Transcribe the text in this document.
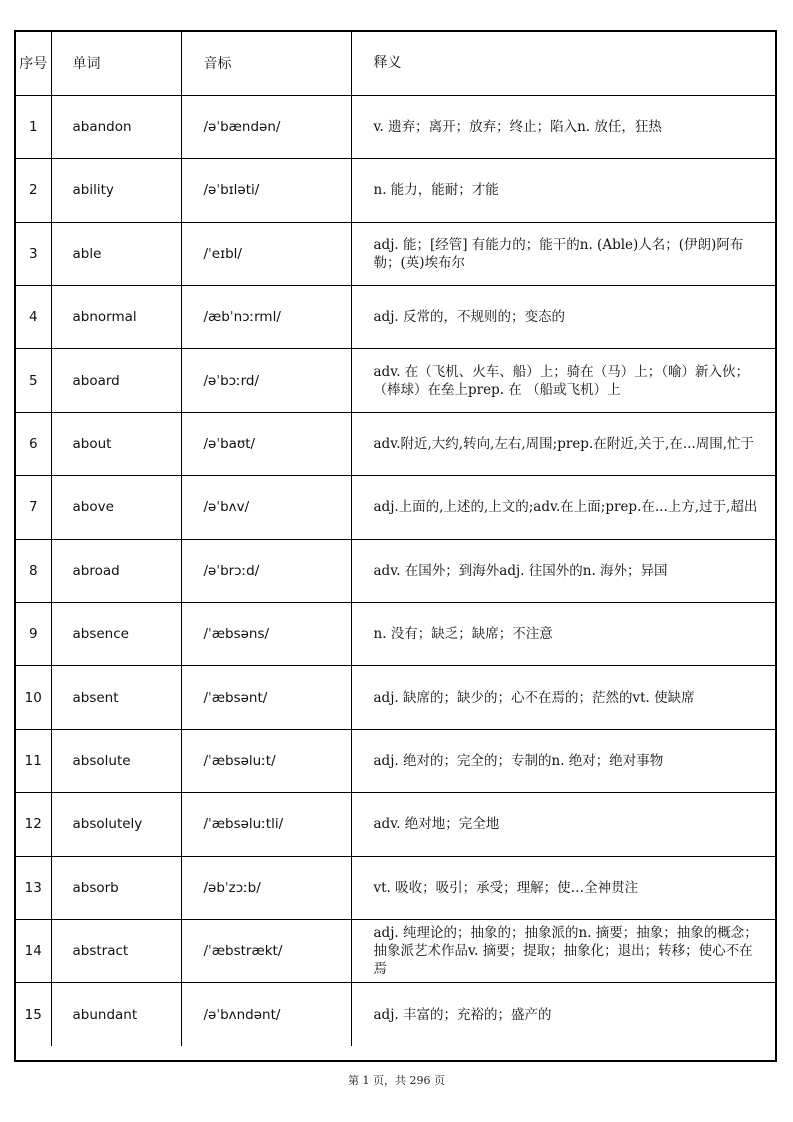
序号	单词	音标	释义
1	abandon	/əˈbændən/	v. 遗弃；离开；放弃；终止；陷入n. 放任，狂热
2	ability	/əˈbɪləti/	n. 能力，能耐；才能
3	able	/ˈeɪbl/	adj. 能；[经管] 有能力的；能干的n. (Able)人名；(伊朗)阿布勒；(英)埃布尔
4	abnormal	/æbˈnɔːrml/	adj. 反常的，不规则的；变态的
5	aboard	/əˈbɔːrd/	adv. 在（飞机、火车、船）上；骑在（马）上；（喻）新入伙；（棒球）在垒上prep. 在 （船或飞机）上
6	about	/əˈbaʊt/	adv.附近,大约,转向,左右,周围;prep.在附近,关于,在...周围,忙于
7	above	/əˈbʌv/	adj.上面的,上述的,上文的;adv.在上面;prep.在...上方,过于,超出
8	abroad	/əˈbrɔːd/	adv. 在国外；到海外adj. 往国外的n. 海外；异国
9	absence	/ˈæbsəns/	n. 没有；缺乏；缺席；不注意
10	absent	/ˈæbsənt/	adj. 缺席的；缺少的；心不在焉的；茫然的vt. 使缺席
11	absolute	/ˈæbsəluːt/	adj. 绝对的；完全的；专制的n. 绝对；绝对事物
12	absolutely	/ˈæbsəluːtli/	adv. 绝对地；完全地
13	absorb	/əbˈzɔːb/	vt. 吸收；吸引；承受；理解；使…全神贯注
14	abstract	/ˈæbstrækt/	adj. 纯理论的；抽象的；抽象派的n. 摘要；抽象；抽象的概念；抽象派艺术作品v. 摘要；提取；抽象化；退出；转移；使心不在焉
15	abundant	/əˈbʌndənt/	adj. 丰富的；充裕的；盛产的
第 1 页，共 296 页
